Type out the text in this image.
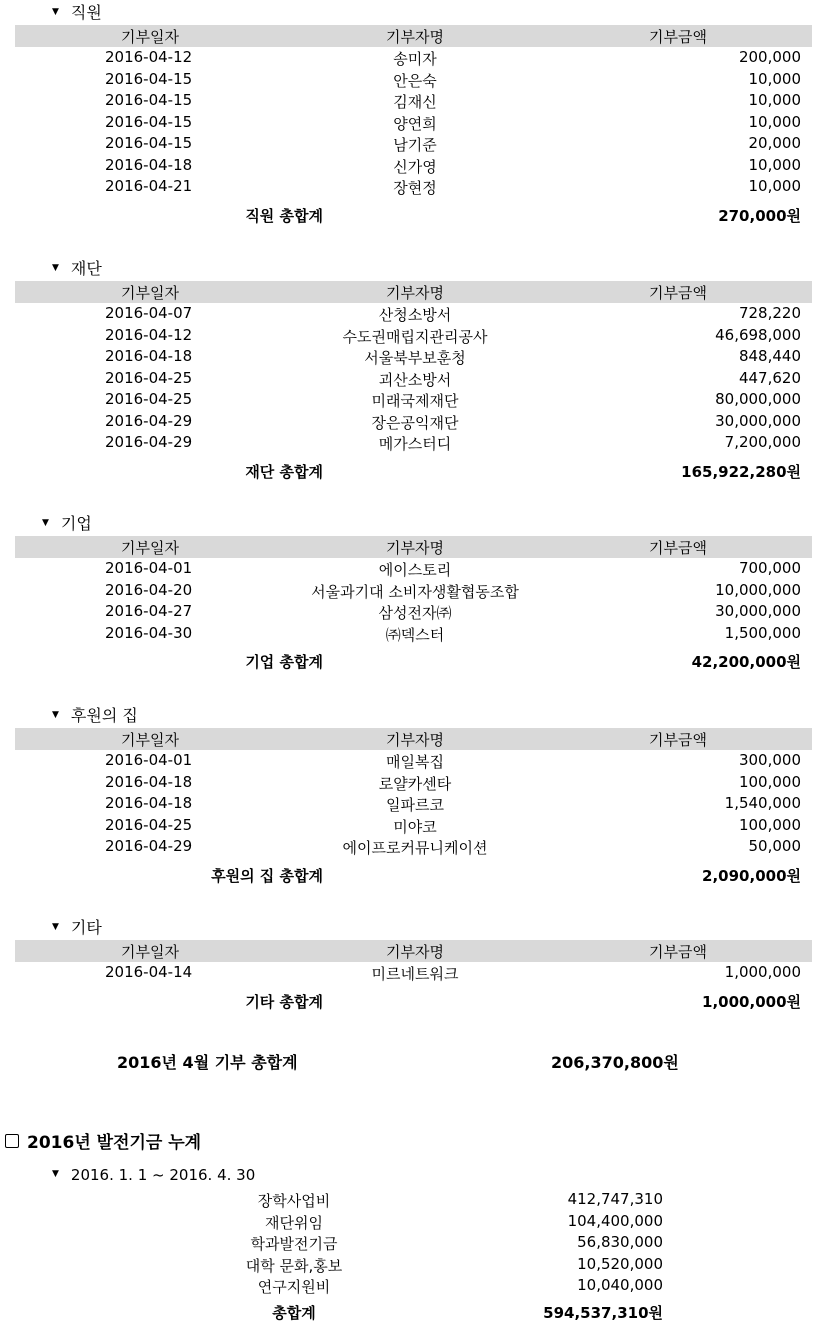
▼ 직원
기부일자	기부자명	기부금액
2016-04-12	송미자	200,000
2016-04-15	안은숙	10,000
2016-04-15	김재신	10,000
2016-04-15	양연희	10,000
2016-04-15	남기준	20,000
2016-04-18	신가영	10,000
2016-04-21	장현정	10,000
직원 총합계	270,000원
▼ 재단
기부일자	기부자명	기부금액
2016-04-07	산청소방서	728,220
2016-04-12	수도권매립지관리공사	46,698,000
2016-04-18	서울북부보훈청	848,440
2016-04-25	괴산소방서	447,620
2016-04-25	미래국제재단	80,000,000
2016-04-29	장은공익재단	30,000,000
2016-04-29	메가스터디	7,200,000
재단 총합계	165,922,280원
▼ 기업
기부일자	기부자명	기부금액
2016-04-01	에이스토리	700,000
2016-04-20	서울과기대 소비자생활협동조합	10,000,000
2016-04-27	삼성전자㈜	30,000,000
2016-04-30	㈜덱스터	1,500,000
기업 총합계	42,200,000원
▼ 후원의 집
기부일자	기부자명	기부금액
2016-04-01	매일복집	300,000
2016-04-18	로얄카센타	100,000
2016-04-18	일파르코	1,540,000
2016-04-25	미야코	100,000
2016-04-29	에이프로커뮤니케이션	50,000
후원의 집 총합계	2,090,000원
▼ 기타
기부일자	기부자명	기부금액
2016-04-14	미르네트워크	1,000,000
기타 총합계	1,000,000원
2016년 4월 기부 총합계	206,370,800원
2016년 발전기금 누계
▼ 2016. 1. 1 ~ 2016. 4. 30
장학사업비	412,747,310
재단위임	104,400,000
학과발전기금	56,830,000
대학 문화,홍보	10,520,000
연구지원비	10,040,000
총합계	594,537,310원
